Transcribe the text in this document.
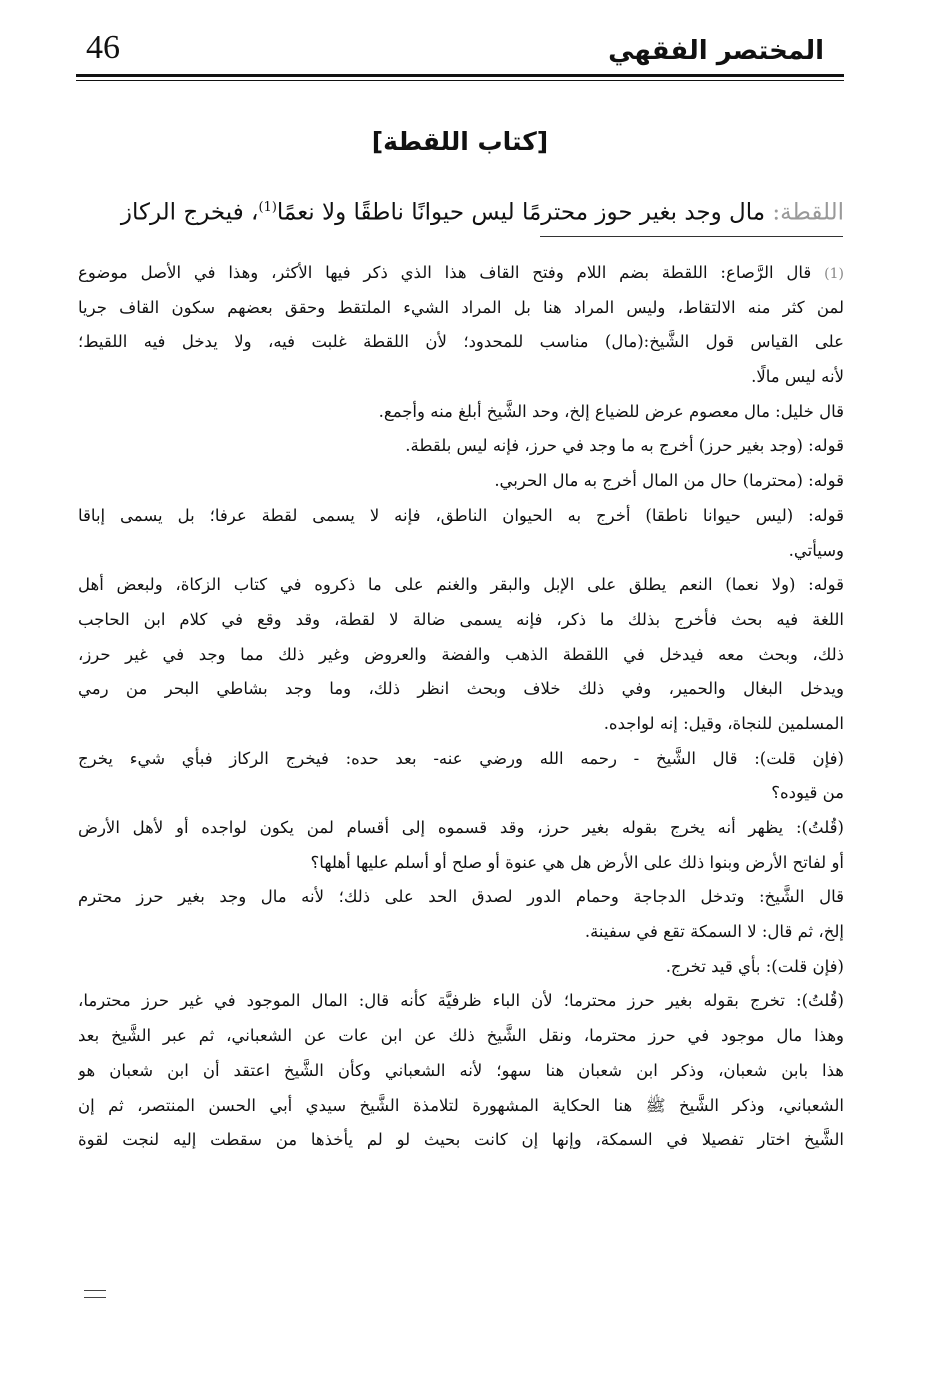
46	المختصر الفقهي
[كتاب اللقطة]
اللقطة: مال وجد بغير حوز محترمًا ليس حيوانًا ناطقًا ولا نعمًا$^{(1)}$، فيخرج الركاز
(1) قال الرَّصاع: اللقطة بضم اللام وفتح القاف هذا الذي ذكر فيها الأكثر، وهذا في الأصل موضوع
لمن كثر منه الالتقاط، وليس المراد هنا بل المراد الشيء الملتقط وحقق بعضهم سكون القاف جريا
على القياس قول الشَّيخ:(مال) مناسب للمحدود؛ لأن اللقطة غلبت فيه، ولا يدخل فيه اللقيط؛
لأنه ليس مالًا.
قال خليل: مال معصوم عرض للضياع إلخ، وحد الشَّيخ أبلغ منه وأجمع.
قوله: (وجد بغير حرز) أخرج به ما وجد في حرز، فإنه ليس بلقطة.
قوله: (محترما) حال من المال أخرج به مال الحربي.
قوله: (ليس حيوانا ناطقا) أخرج به الحيوان الناطق، فإنه لا يسمى لقطة عرفا؛ بل يسمى إباقا
وسيأتي.
قوله: (ولا نعما) النعم يطلق على الإبل والبقر والغنم على ما ذكروه في كتاب الزكاة، ولبعض أهل
اللغة فيه بحث فأخرج بذلك ما ذكر، فإنه يسمى ضالة لا لقطة، وقد وقع في كلام ابن الحاجب
ذلك، وبحث معه فيدخل في اللقطة الذهب والفضة والعروض وغير ذلك مما وجد في غير حرز،
ويدخل البغال والحمير، وفي ذلك خلاف وبحث انظر ذلك، وما وجد بشاطي البحر من رمي
المسلمين للنجاة، وقيل: إنه لواجده.
(فإن قلت): قال الشَّيخ - رحمه الله ورضي عنه- بعد حده: فيخرج الركاز فبأي شيء يخرج
من قيوده؟
(قُلتُ): يظهر أنه يخرج بقوله بغير حرز، وقد قسموه إلى أقسام لمن يكون لواجده أو لأهل الأرض
أو لفاتح الأرض وبنوا ذلك على الأرض هل هي عنوة أو صلح أو أسلم عليها أهلها؟
قال الشَّيخ: وتدخل الدجاجة وحمام الدور لصدق الحد على ذلك؛ لأنه مال وجد بغير حرز محترم
إلخ، ثم قال: لا السمكة تقع في سفينة.
(فإن قلت): بأي قيد تخرج.
(قُلتُ): تخرج بقوله بغير حرز محترما؛ لأن الباء ظرفيَّة كأنه قال: المال الموجود في غير حرز محترما،
وهذا مال موجود في حرز محترما، ونقل الشَّيخ ذلك عن ابن عات عن الشعباني، ثم عبر الشَّيخ بعد
هذا بابن شعبان، وذكر ابن شعبان هنا سهو؛ لأنه الشعباني وكأن الشَّيخ اعتقد أن ابن شعبان هو
الشعباني، وذكر الشَّيخ ﷺ هنا الحكاية المشهورة لتلامذة الشَّيخ سيدي أبي الحسن المنتصر، ثم إن
الشَّيخ اختار تفصيلا في السمكة، وإنها إن كانت بحيث لو لم يأخذها من سقطت إليه لنجت لقوة
